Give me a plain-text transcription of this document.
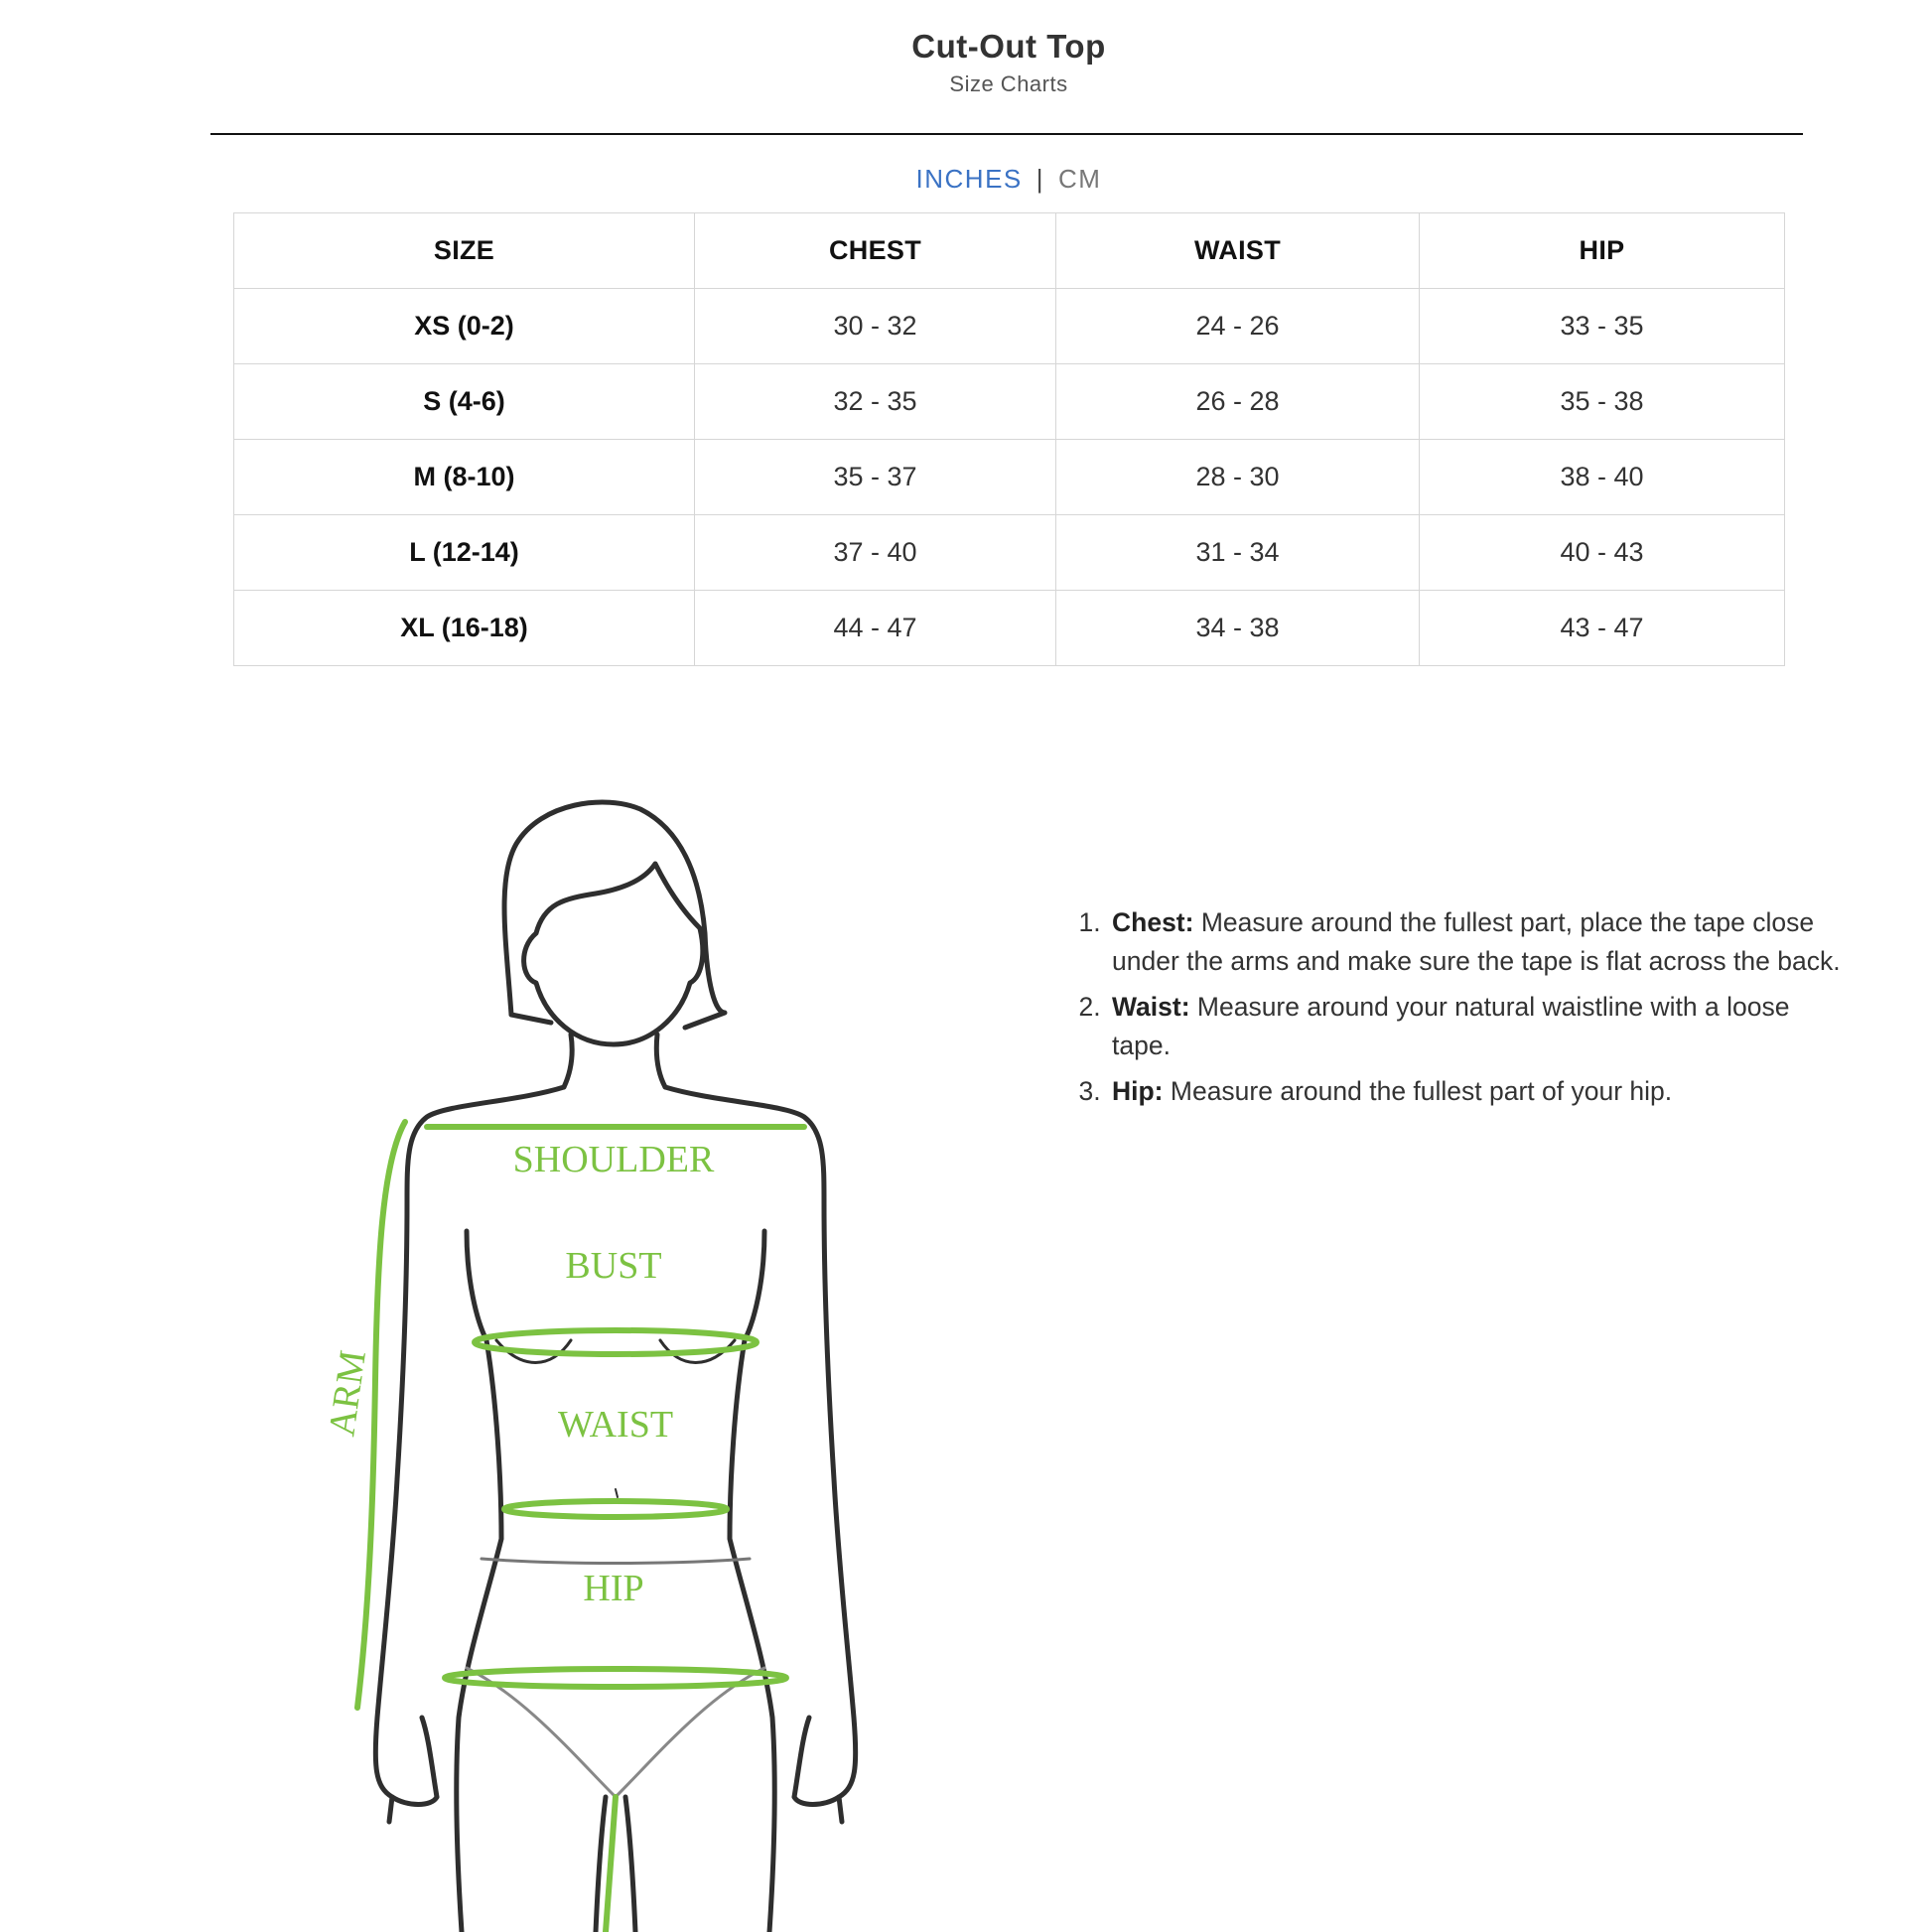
Cut-Out Top
Size Charts
INCHES | CM
SIZE	CHEST	WAIST	HIP
XS (0-2)	30 - 32	24 - 26	33 - 35
S (4-6)	32 - 35	26 - 28	35 - 38
M (8-10)	35 - 37	28 - 30	38 - 40
L (12-14)	37 - 40	31 - 34	40 - 43
XL (16-18)	44 - 47	34 - 38	43 - 47
SHOULDER
BUST
WAIST
HIP
ARM
1. Chest: Measure around the fullest part, place the tape close under the arms and make sure the tape is flat across the back.
2. Waist: Measure around your natural waistline with a loose tape.
3. Hip: Measure around the fullest part of your hip.
